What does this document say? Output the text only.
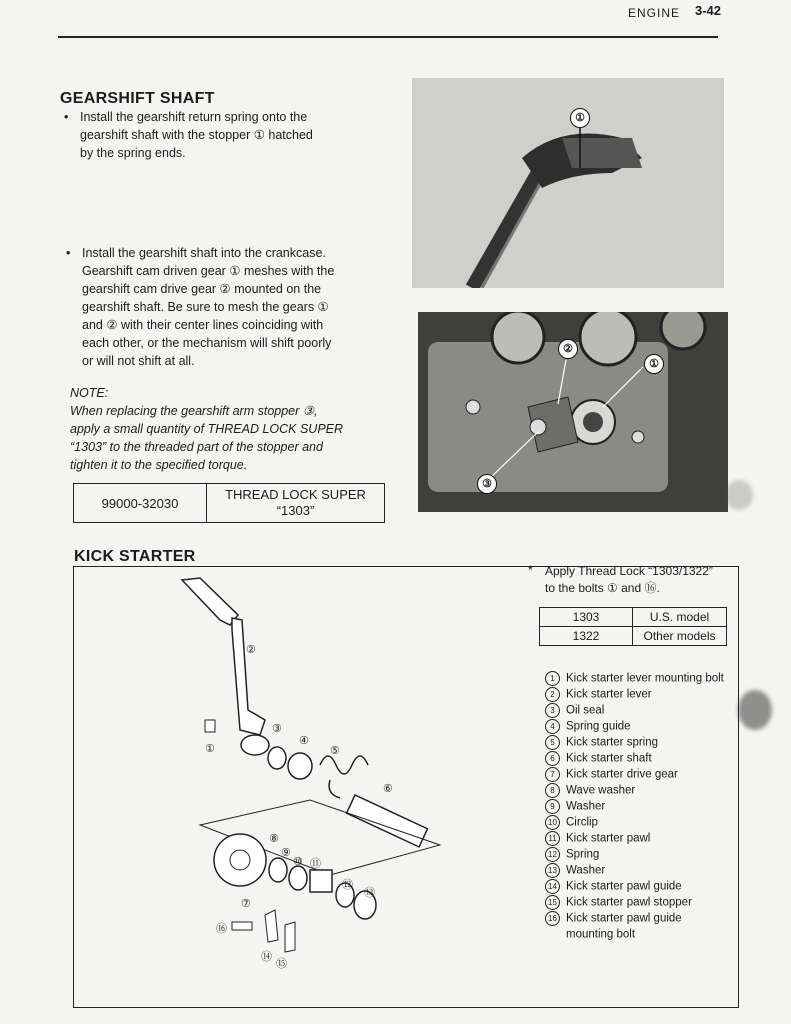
ENGINE 3-42
GEARSHIFT SHAFT
• Install the gearshift return spring onto the
gearshift shaft with the stopper ① hatched
by the spring ends.
• Install the gearshift shaft into the crankcase.
Gearshift cam driven gear ① meshes with the
gearshift cam drive gear ② mounted on the
gearshift shaft. Be sure to mesh the gears ①
and ② with their center lines coinciding with
each other, or the mechanism will shift poorly
or will not shift at all.
NOTE:
When replacing the gearshift arm stopper ③,
apply a small quantity of THREAD LOCK SUPER
“1303” to the threaded part of the stopper and
tighten it to the specified torque.
99000-32030	
THREAD LOCK SUPER
“1303”
①
②
①
③
KICK STARTER
* Apply Thread Lock “1303/1322”
to the bolts ① and ⑯.
1303	U.S. model
1322	Other models
1 Kick starter lever mounting bolt
2 Kick starter lever
3 Oil seal
4 Spring guide
5 Kick starter spring
6 Kick starter shaft
7 Kick starter drive gear
8 Wave washer
9 Washer
10 Circlip
11 Kick starter pawl
12 Spring
13 Washer
14 Kick starter pawl guide
15 Kick starter pawl stopper
16 Kick starter pawl guide
mounting bolt
②
①
③
④
⑤
⑥
⑦
⑧
⑨
⑩ ⑪
⑫
⑬
⑯
⑭
⑮
